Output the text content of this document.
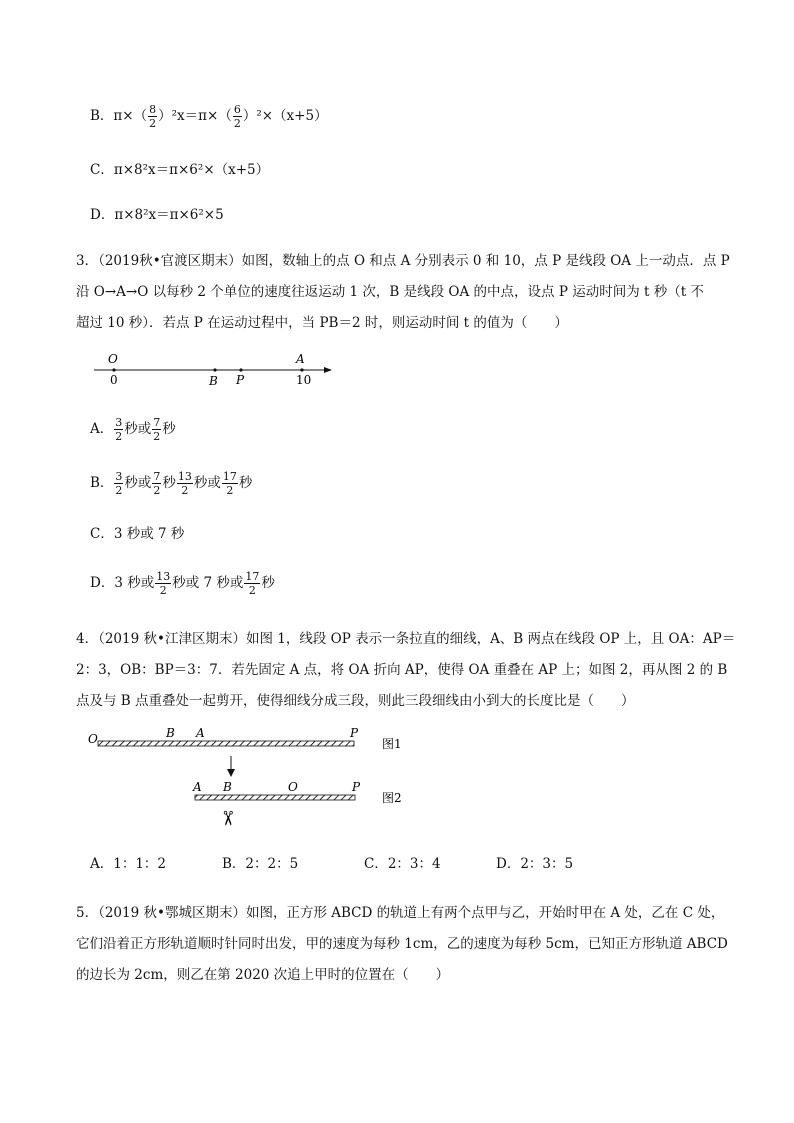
B．$\pi\times( \frac{8}{2} )^2x=\pi\times( \frac{6}{2} )^2\times(x+5)$
C．π×8²x＝π×6²×（x+5）
D．π×8²x＝π×6²×5
3．（2019秋•官渡区期末）如图，数轴上的点 O 和点 A 分别表示 0 和 10，点 P 是线段 OA 上一动点．点 P
沿 O→A→O 以每秒 2 个单位的速度往返运动 1 次，B 是线段 OA 的中点，设点 P 运动时间为 t 秒（t 不
超过 10 秒）．若点 P 在运动过程中，当 PB＝2 时，则运动时间 t 的值为（　　）
O
0
A
10
B P
A． $\frac{3}{2}$ 秒或 $\frac{7}{2}$ 秒
B． $\frac{3}{2}$ 秒或 $\frac{7}{2}$ 秒 $\frac{13}{2}$ 秒或 $\frac{17}{2}$ 秒
C．3 秒或 7 秒
D．3 秒或 $\frac{13}{2}$ 秒或 7 秒或 $\frac{17}{2}$ 秒
4．（2019 秋•江津区期末）如图 1，线段 OP 表示一条拉直的细线，A、B 两点在线段 OP 上，且 OA：AP＝
2：3，OB：BP＝3：7．若先固定 A 点，将 OA 折向 AP，使得 OA 重叠在 AP 上；如图 2，再从图 2 的 B
点及与 B 点重叠处一起剪开，使得细线分成三段，则此三段细线由小到大的长度比是（　　）
O	B A	P
图1
A B	O	P
图2
✂
A．1：1：2	B．2：2：5	C．2：3：4	D．2：3：5
5．（2019 秋•鄂城区期末）如图，正方形 ABCD 的轨道上有两个点甲与乙，开始时甲在 A 处，乙在 C 处，
它们沿着正方形轨道顺时针同时出发，甲的速度为每秒 1cm，乙的速度为每秒 5cm，已知正方形轨道 ABCD
的边长为 2cm，则乙在第 2020 次追上甲时的位置在（　　）
